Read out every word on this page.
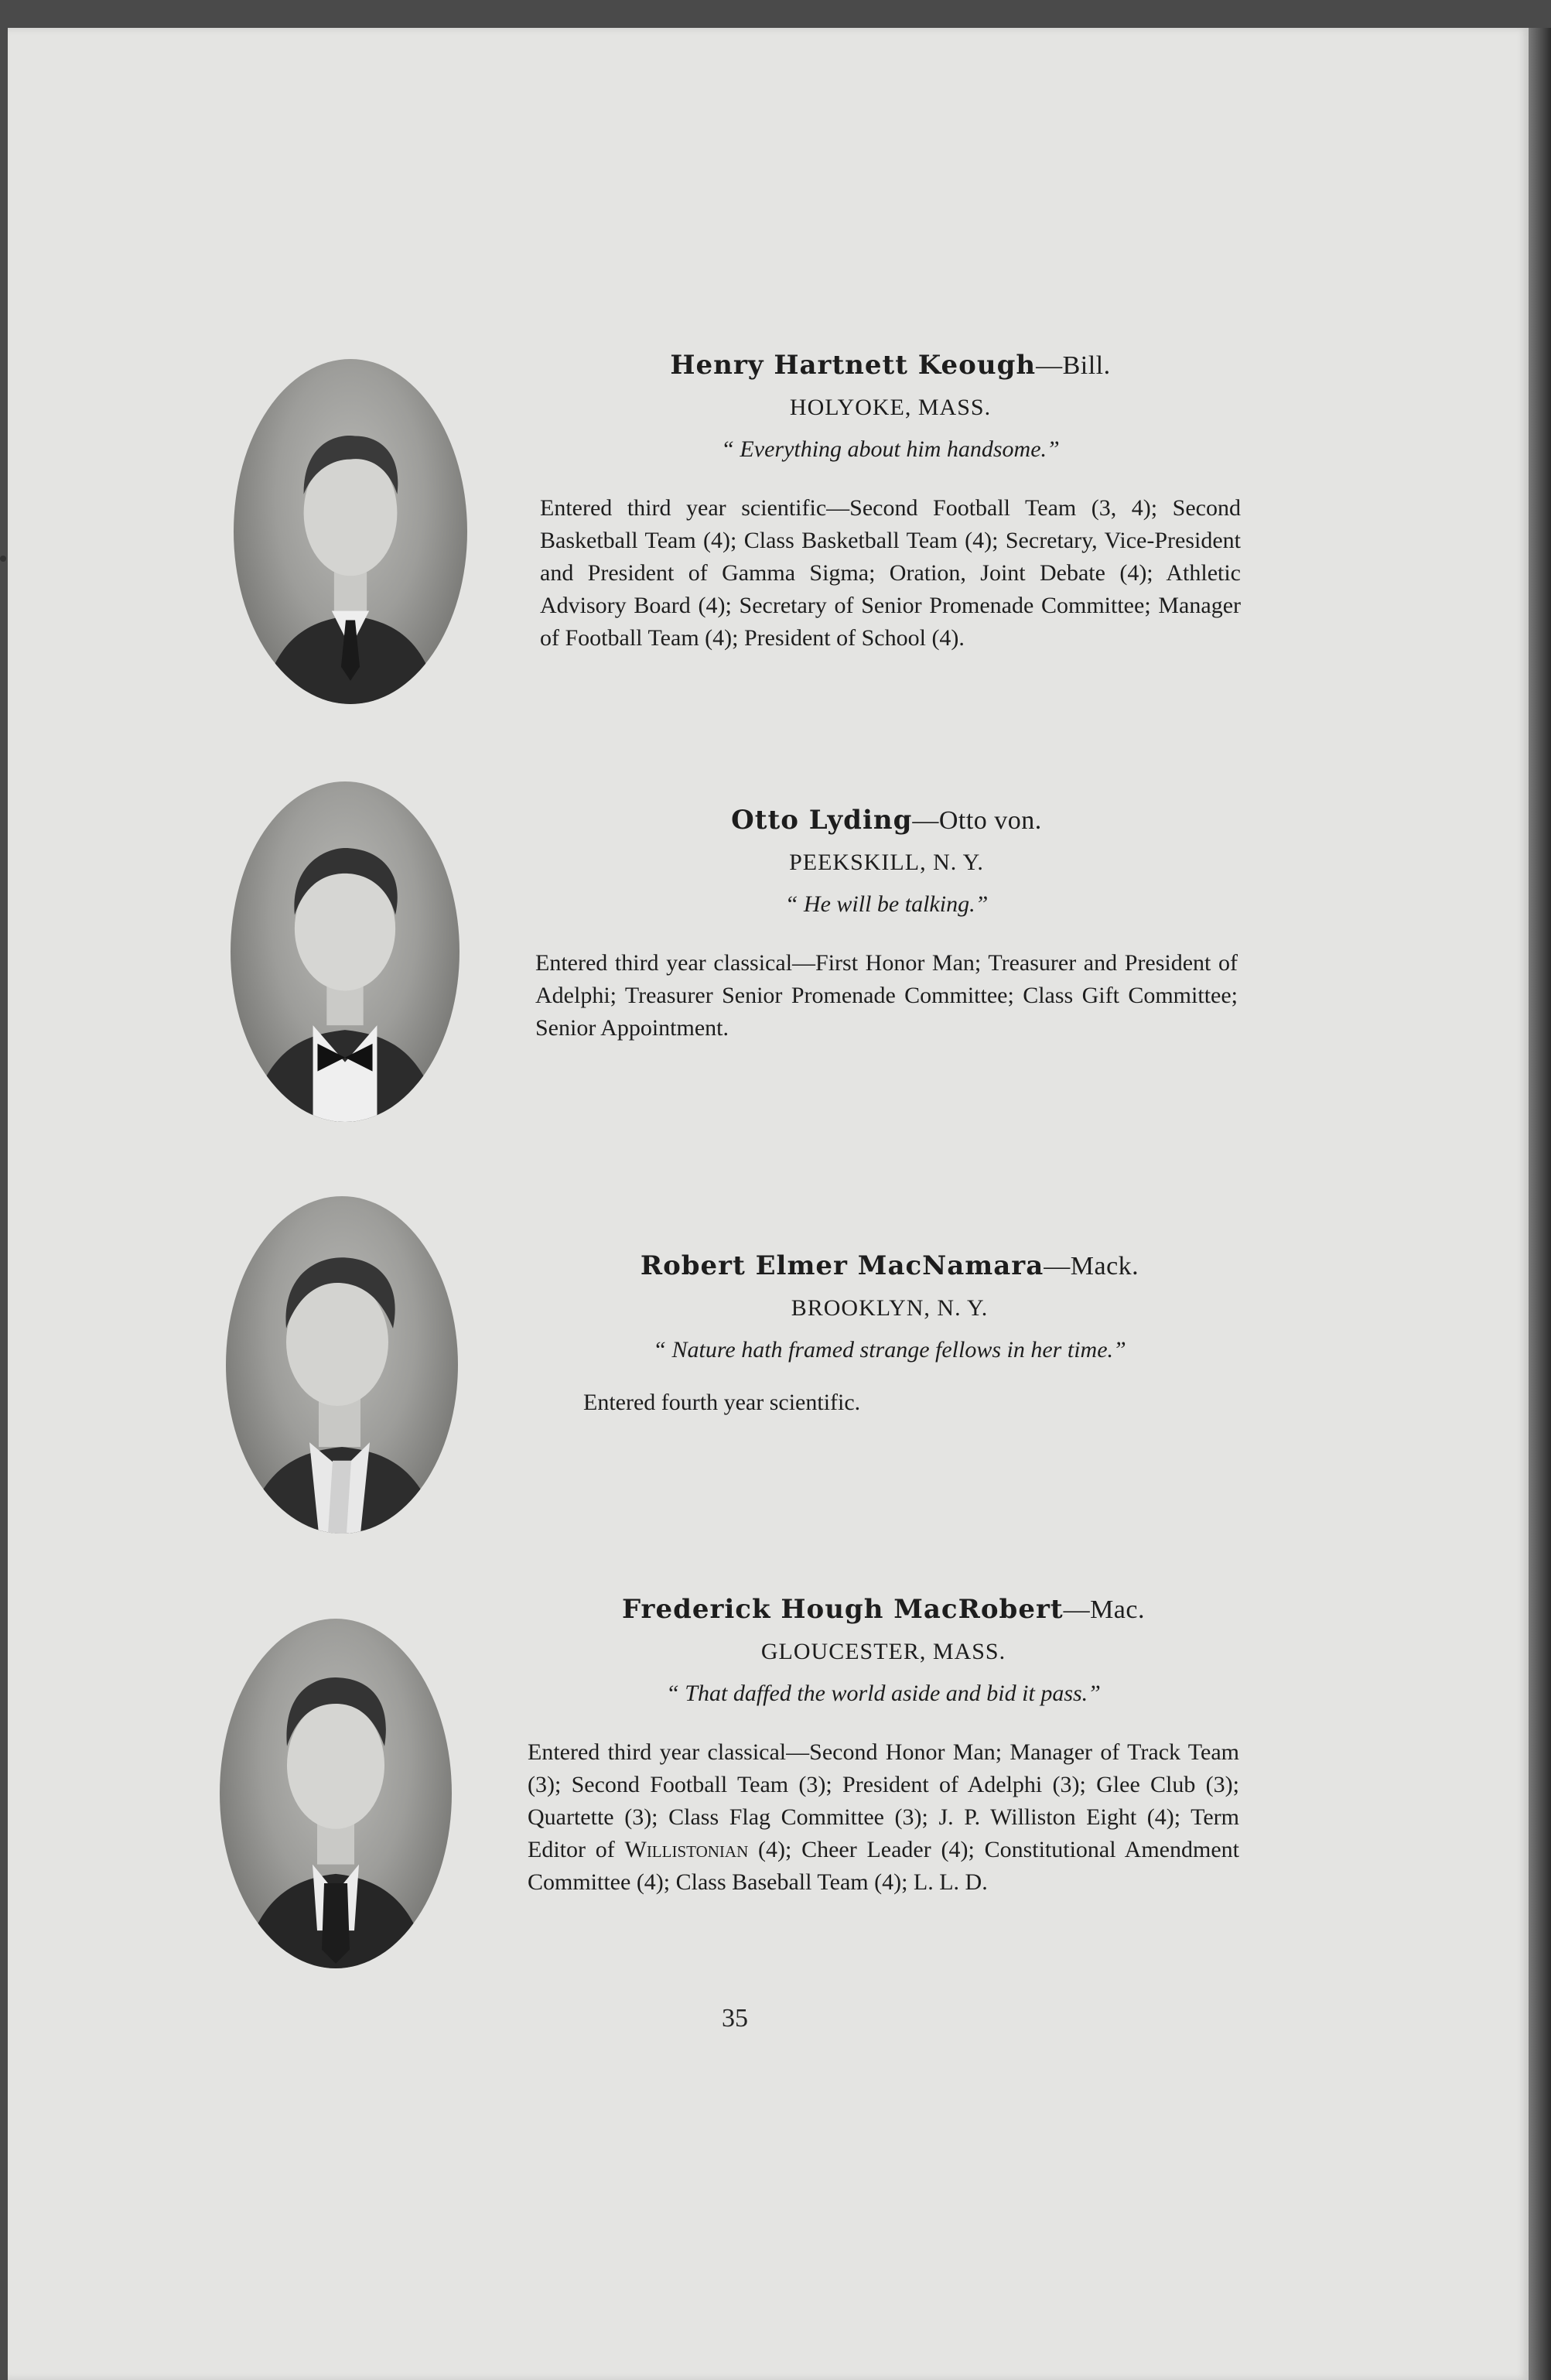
Henry Hartnett Keough—Bill.
HOLYOKE, MASS.
“ Everything about him handsome.”
Entered third year scientific—Second Football Team (3, 4); Second Basketball Team (4); Class Basketball Team (4); Secretary, Vice-President and President of Gamma Sigma; Oration, Joint Debate (4); Athletic Advisory Board (4); Secretary of Senior Promenade Committee; Manager of Football Team (4); President of School (4).
Otto Lyding—Otto von.
PEEKSKILL, N. Y.
“ He will be talking.”
Entered third year classical—First Honor Man; Treasurer and President of Adelphi; Treasurer Senior Promenade Committee; Class Gift Committee; Senior Appointment.
Robert Elmer MacNamara—Mack.
BROOKLYN, N. Y.
“ Nature hath framed strange fellows in her time.”
Entered fourth year scientific.
Frederick Hough MacRobert—Mac.
GLOUCESTER, MASS.
“ That daffed the world aside and bid it pass.”
Entered third year classical—Second Honor Man; Manager of Track Team (3); Second Football Team (3); President of Adelphi (3); Glee Club (3); Quartette (3); Class Flag Committee (3); J. P. Williston Eight (4); Term Editor of Willistonian (4); Cheer Leader (4); Constitutional Amendment Committee (4); Class Baseball Team (4); L. L. D.
35
